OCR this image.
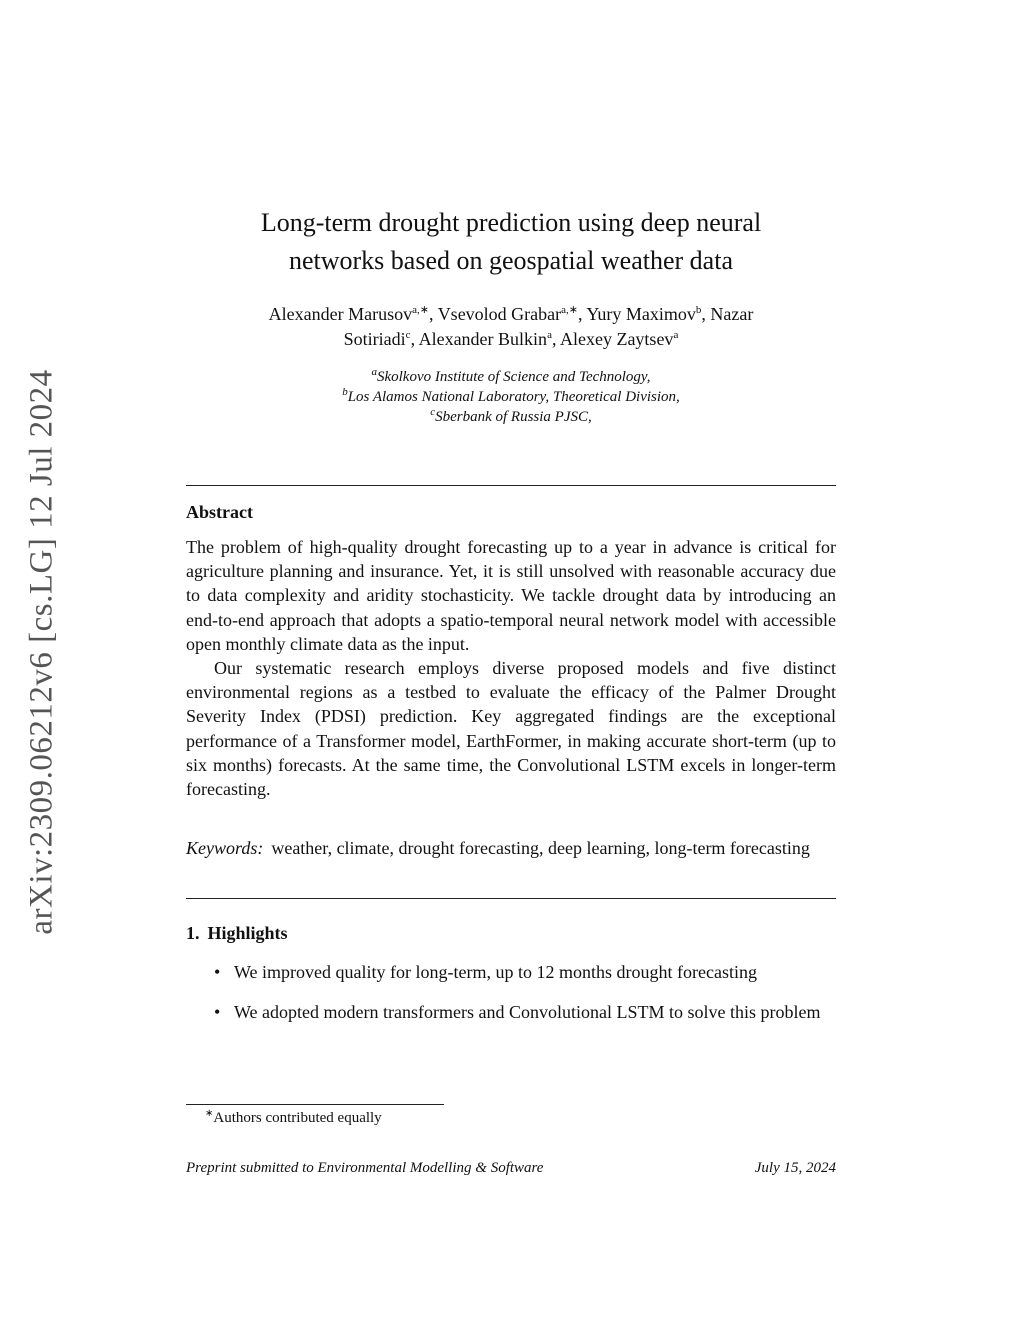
arXiv:2309.06212v6 [cs.LG] 12 Jul 2024
Long-term drought prediction using deep neural
networks based on geospatial weather data
Alexander Marusov$^{a,∗}$, Vsevolod Grabar$^{a,∗}$, Yury Maximov$^b$, Nazar
Sotiriadi$^c$, Alexander Bulkin$^a$, Alexey Zaytsev$^a$
$^a$Skolkovo Institute of Science and Technology,
$^b$Los Alamos National Laboratory, Theoretical Division,
$^c$Sberbank of Russia PJSC,
Abstract

The problem of high-quality drought forecasting up to a year in advance is critical for agriculture planning and insurance. Yet, it is still unsolved with reasonable accuracy due to data complexity and aridity stochasticity. We tackle drought data by introducing an end-to-end approach that adopts a spatio-temporal neural network model with accessible open monthly climate data as the input.

Our systematic research employs diverse proposed models and five distinct environmental regions as a testbed to evaluate the efficacy of the Palmer Drought Severity Index (PDSI) prediction. Key aggregated findings are the exceptional performance of a Transformer model, EarthFormer, in making accurate short-term (up to six months) forecasts. At the same time, the Convolutional LSTM excels in longer-term forecasting.

Keywords: weather, climate, drought forecasting, deep learning, long-term forecasting
1. Highlights
• We improved quality for long-term, up to 12 months drought forecasting
• We adopted modern transformers and Convolutional LSTM to solve this problem
∗Authors contributed equally
Preprint submitted to Environmental Modelling & Software	July 15, 2024
